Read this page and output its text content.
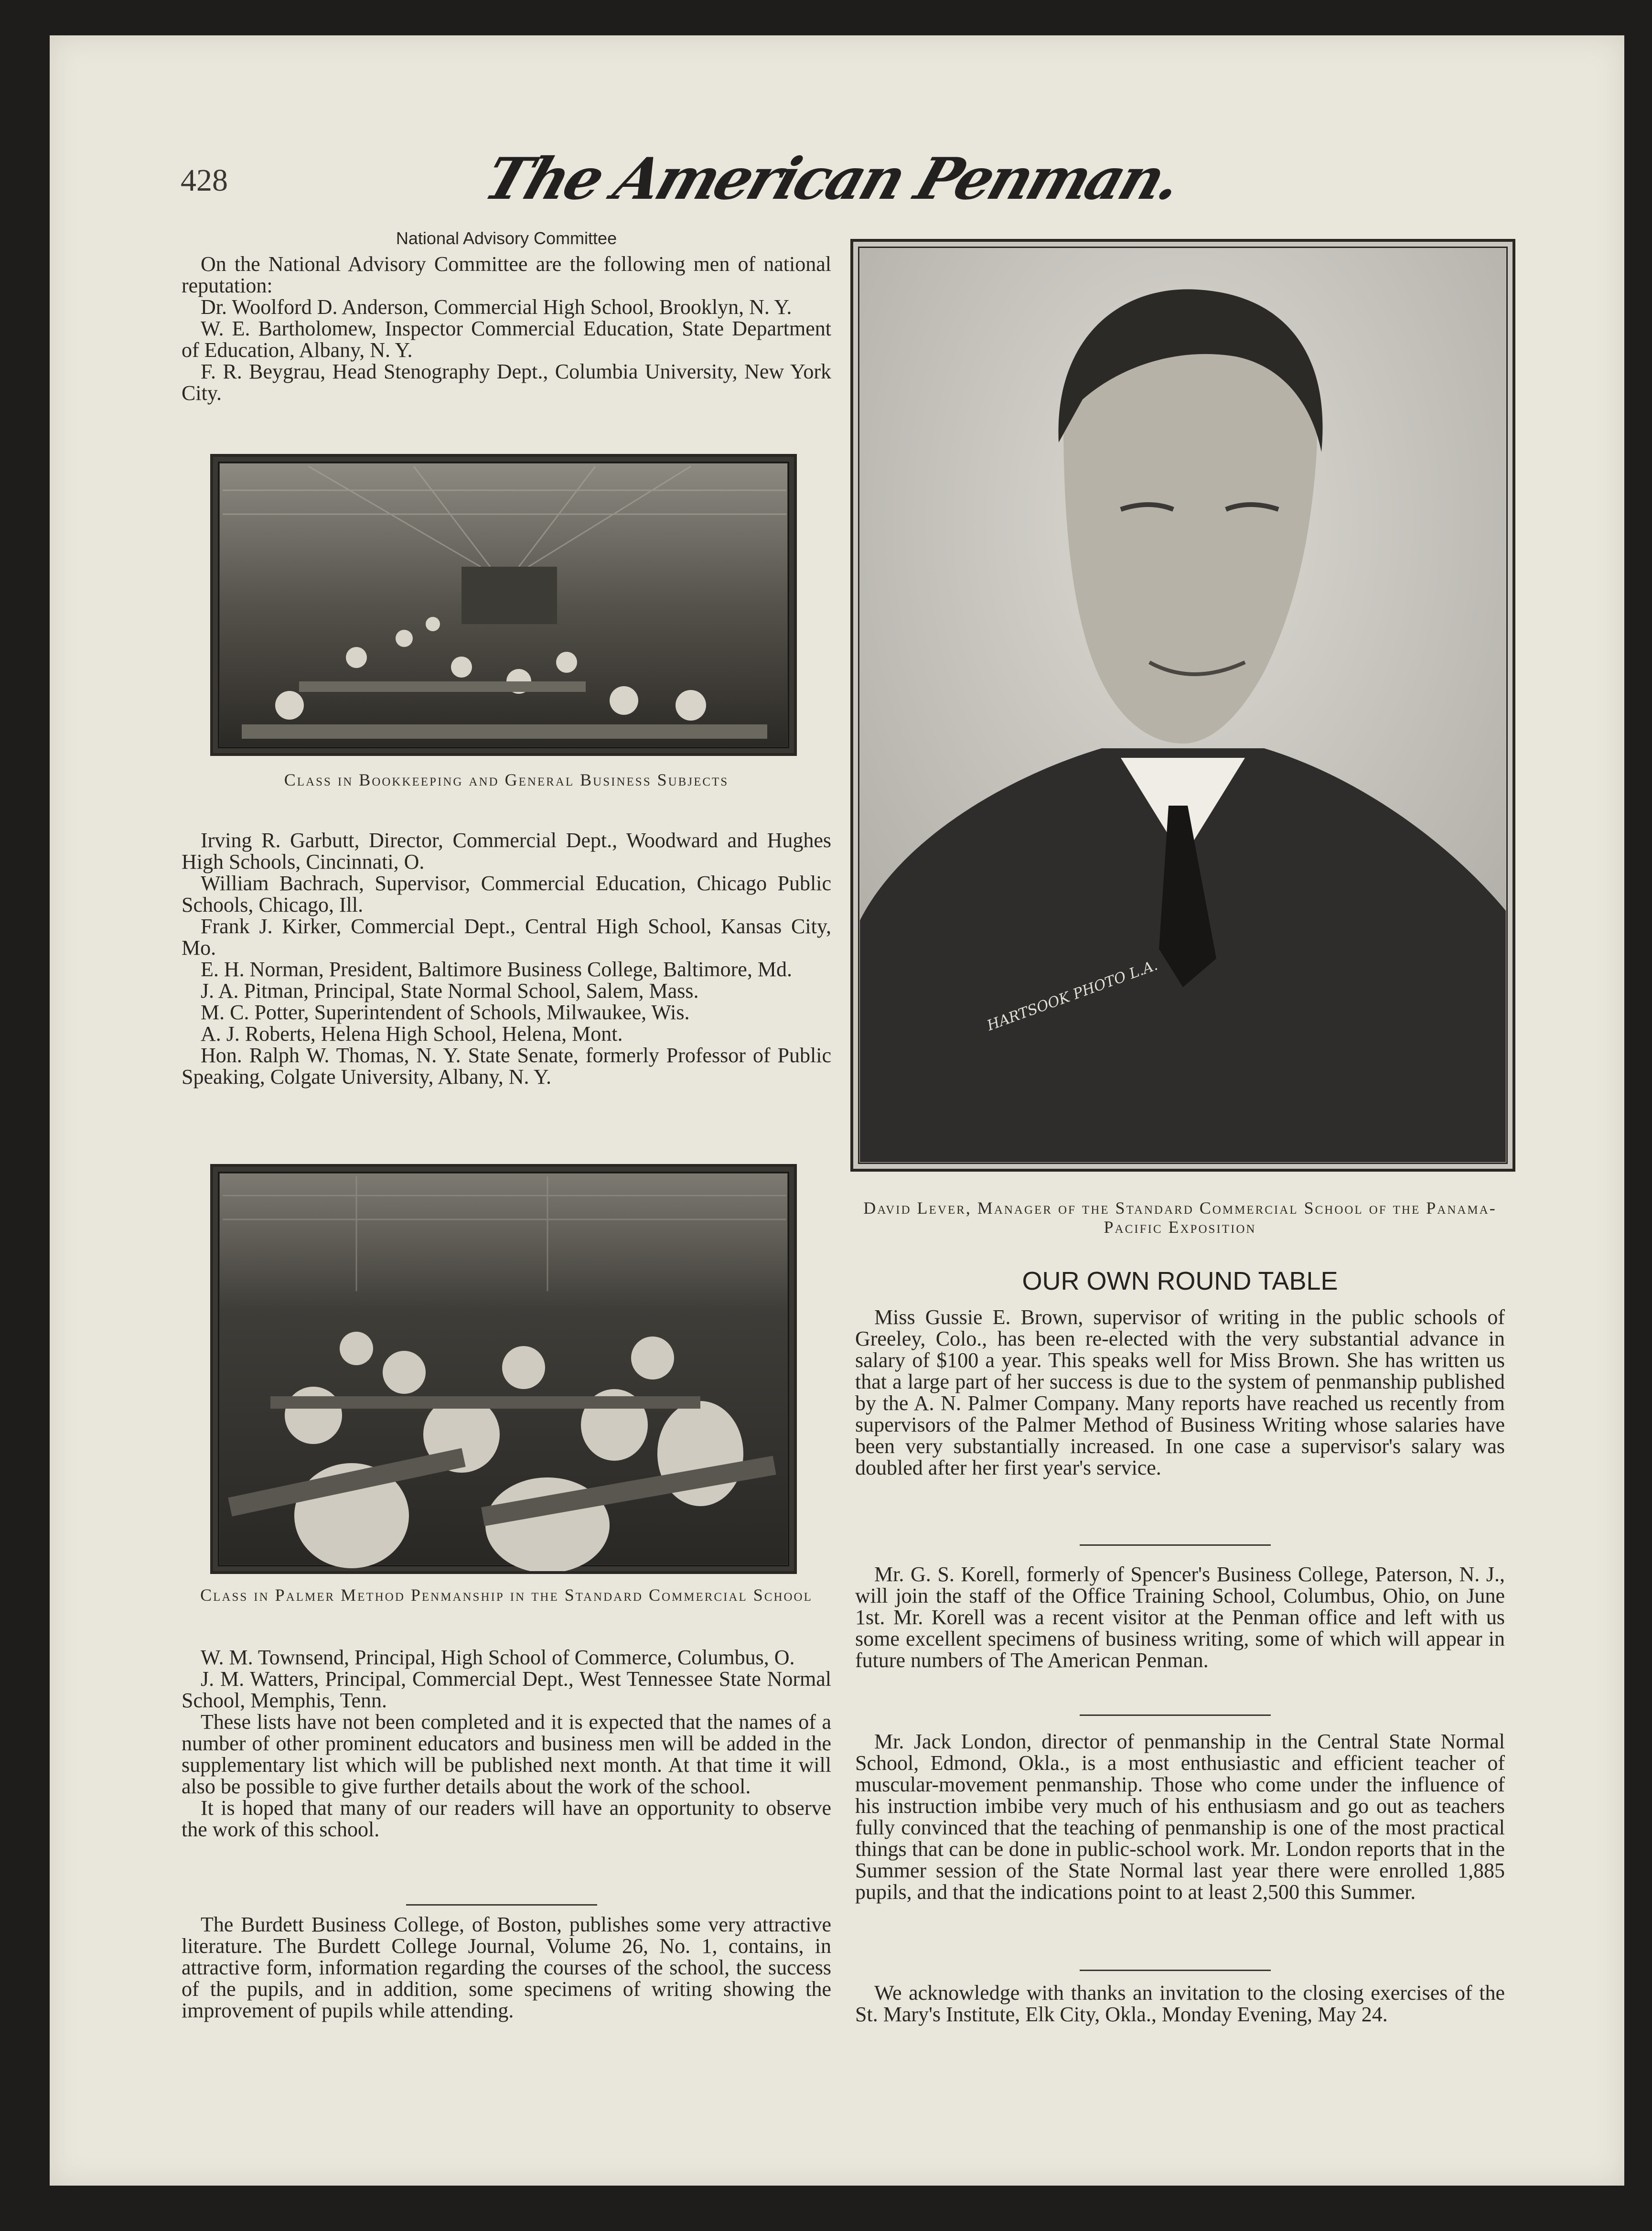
428	The American Penman.
National Advisory Committee

On the National Advisory Committee are the following men of national reputation:

Dr. Woolford D. Anderson, Commercial High School, Brooklyn, N. Y.

W. E. Bartholomew, Inspector Commercial Education, State Department of Education, Albany, N. Y.

F. R. Beygrau, Head Stenography Dept., Columbia University, New York City.

Class in Bookkeeping and General Business Subjects

Irving R. Garbutt, Director, Commercial Dept., Woodward and Hughes High Schools, Cincinnati, O.

William Bachrach, Supervisor, Commercial Education, Chicago Public Schools, Chicago, Ill.

Frank J. Kirker, Commercial Dept., Central High School, Kansas City, Mo.

E. H. Norman, President, Baltimore Business College, Baltimore, Md.

J. A. Pitman, Principal, State Normal School, Salem, Mass.

M. C. Potter, Superintendent of Schools, Milwaukee, Wis.

A. J. Roberts, Helena High School, Helena, Mont.

Hon. Ralph W. Thomas, N. Y. State Senate, formerly Professor of Public Speaking, Colgate University, Albany, N. Y.

Class in Palmer Method Penmanship in the Standard Commercial School

W. M. Townsend, Principal, High School of Commerce, Columbus, O.

J. M. Watters, Principal, Commercial Dept., West Tennessee State Normal School, Memphis, Tenn.

These lists have not been completed and it is expected that the names of a number of other prominent educators and business men will be added in the supplementary list which will be published next month. At that time it will also be possible to give further details about the work of the school.

It is hoped that many of our readers will have an opportunity to observe the work of this school.

The Burdett Business College, of Boston, publishes some very attractive literature. The Burdett College Journal, Volume 26, No. 1, contains, in attractive form, information regarding the courses of the school, the success of the pupils, and in addition, some specimens of writing showing the improvement of pupils while attending.

HARTSOOK PHOTO L.A.
David Lever, Manager of the Standard Commercial School of the Panama-Pacific Exposition
OUR OWN ROUND TABLE

Miss Gussie E. Brown, supervisor of writing in the public schools of Greeley, Colo., has been re-elected with the very substantial advance in salary of $100 a year. This speaks well for Miss Brown. She has written us that a large part of her success is due to the system of penmanship published by the A. N. Palmer Company. Many reports have reached us recently from supervisors of the Palmer Method of Business Writing whose salaries have been very substantially increased. In one case a supervisor's salary was doubled after her first year's service.

Mr. G. S. Korell, formerly of Spencer's Business College, Paterson, N. J., will join the staff of the Office Training School, Columbus, Ohio, on June 1st. Mr. Korell was a recent visitor at the Penman office and left with us some excellent specimens of business writing, some of which will appear in future numbers of The American Penman.

Mr. Jack London, director of penmanship in the Central State Normal School, Edmond, Okla., is a most enthusiastic and efficient teacher of muscular-movement penmanship. Those who come under the influence of his instruction imbibe very much of his enthusiasm and go out as teachers fully convinced that the teaching of penmanship is one of the most practical things that can be done in public-school work. Mr. London reports that in the Summer session of the State Normal last year there were enrolled 1,885 pupils, and that the indications point to at least 2,500 this Summer.

We acknowledge with thanks an invitation to the closing exercises of the St. Mary's Institute, Elk City, Okla., Monday Evening, May 24.
